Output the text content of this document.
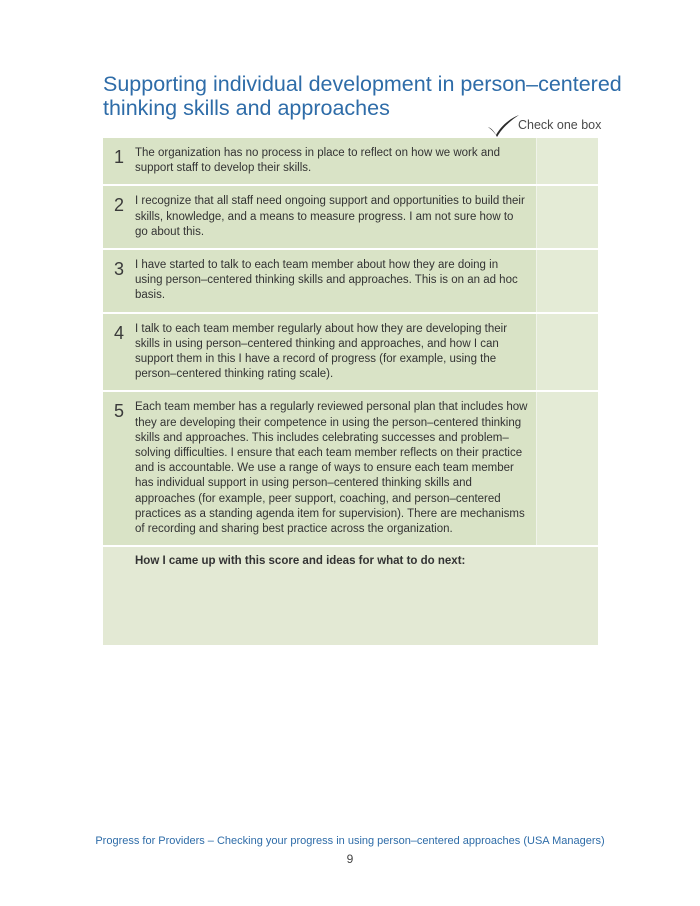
Supporting individual development in person–centered thinking skills and approaches
Check one box
1 The organization has no process in place to reflect on how we work and support staff to develop their skills.
2 I recognize that all staff need ongoing support and opportunities to build their skills, knowledge, and a means to measure progress. I am not sure how to go about this.
3 I have started to talk to each team member about how they are doing in using person–centered thinking skills and approaches. This is on an ad hoc basis.
4 I talk to each team member regularly about how they are developing their skills in using person–centered thinking and approaches, and how I can support them in this I have a record of progress (for example, using the person–centered thinking rating scale).
5 Each team member has a regularly reviewed personal plan that includes how they are developing their competence in using the person–centered thinking skills and approaches. This includes celebrating successes and problem–solving difficulties. I ensure that each team member reflects on their practice and is accountable. We use a range of ways to ensure each team member has individual support in using person–centered thinking skills and approaches (for example, peer support, coaching, and person–centered practices as a standing agenda item for supervision). There are mechanisms of recording and sharing best practice across the organization.
How I came up with this score and ideas for what to do next:
Progress for Providers – Checking your progress in using person–centered approaches (USA Managers)
9
